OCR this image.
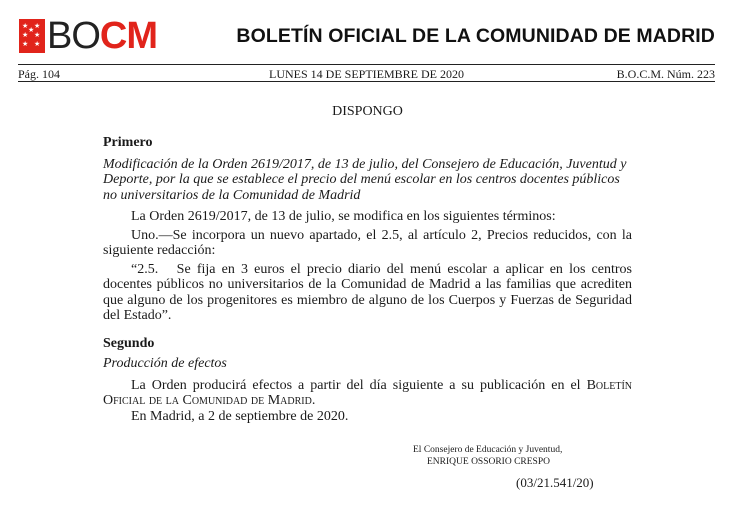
★ ★
★ ★
★ ★
★ BOCM	BOLETÍN OFICIAL DE LA COMUNIDAD DE MADRID
Pág. 104	LUNES 14 DE SEPTIEMBRE DE 2020	B.O.C.M. Núm. 223

DISPONGO

Primero

Modificación de la Orden 2619/2017, de 13 de julio, del Consejero de Educación, Juventud y Deporte, por la que se establece el precio del menú escolar en los centros docentes públicos no universitarios de la Comunidad de Madrid

La Orden 2619/2017, de 13 de julio, se modifica en los siguientes términos:

Uno.—Se incorpora un nuevo apartado, el 2.5, al artículo 2, Precios reducidos, con la siguiente redacción:

“2.5.   Se fija en 3 euros el precio diario del menú escolar a aplicar en los centros docentes públicos no universitarios de la Comunidad de Madrid a las familias que acrediten que alguno de los progenitores es miembro de alguno de los Cuerpos y Fuerzas de Seguridad del Estado”.

Segundo

Producción de efectos

La Orden producirá efectos a partir del día siguiente a su publicación en el Boletín Oficial de la Comunidad de Madrid.

En Madrid, a 2 de septiembre de 2020.

El Consejero de Educación y Juventud,
ENRIQUE OSSORIO CRESPO
(03/21.541/20)
